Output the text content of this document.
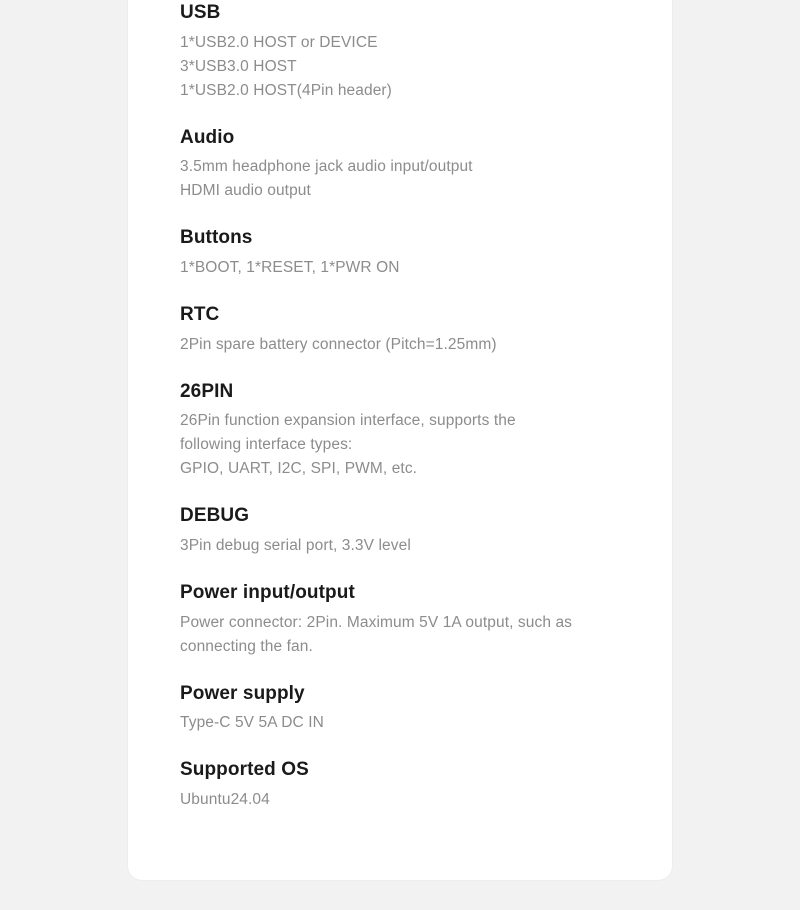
USB
1*USB2.0 HOST or DEVICE
3*USB3.0 HOST
1*USB2.0 HOST(4Pin header)
Audio
3.5mm headphone jack audio input/output
HDMI audio output
Buttons
1*BOOT, 1*RESET, 1*PWR ON
RTC
2Pin spare battery connector (Pitch=1.25mm)
26PIN
26Pin function expansion interface, supports the
following interface types:
GPIO, UART, I2C, SPI, PWM, etc.
DEBUG
3Pin debug serial port, 3.3V level
Power input/output
Power connector: 2Pin. Maximum 5V 1A output, such as
connecting the fan.
Power supply
Type-C 5V 5A DC IN
Supported OS
Ubuntu24.04
